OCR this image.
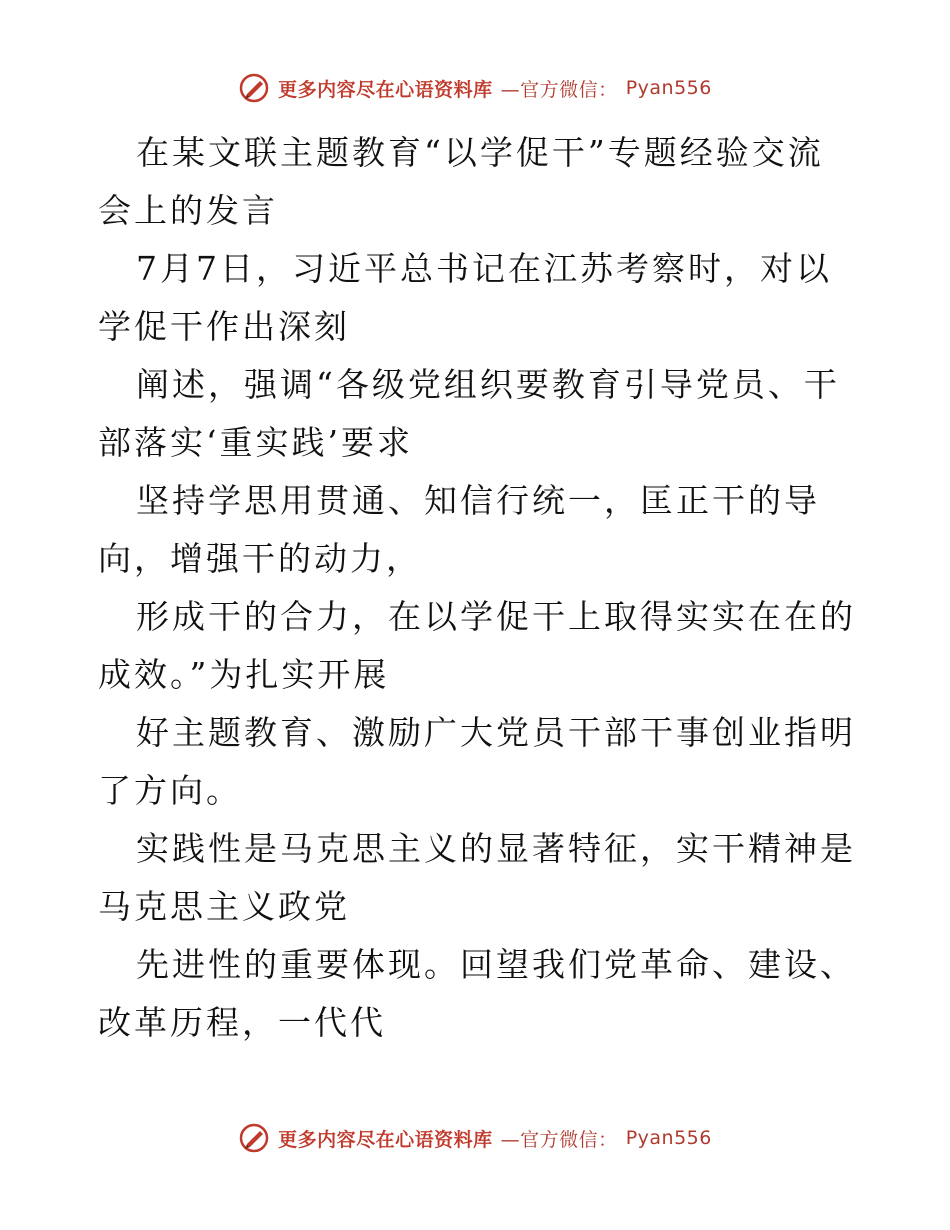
更多内容尽在心语资料库 —官方微信： Pyan556

在某文联主题教育“以学促干”专题经验交流会上的发言

7月7日，习近平总书记在江苏考察时，对以学促干作出深刻

阐述，强调“各级党组织要教育引导党员、干部落实‘重实践’要求

坚持学思用贯通、知信行统一，匡正干的导向，增强干的动力，

形成干的合力，在以学促干上取得实实在在的成效。”为扎实开展

好主题教育、激励广大党员干部干事创业指明了方向。

实践性是马克思主义的显著特征，实干精神是马克思主义政党

先进性的重要体现。回望我们党革命、建设、改革历程，一代代

更多内容尽在心语资料库 —官方微信： Pyan556
